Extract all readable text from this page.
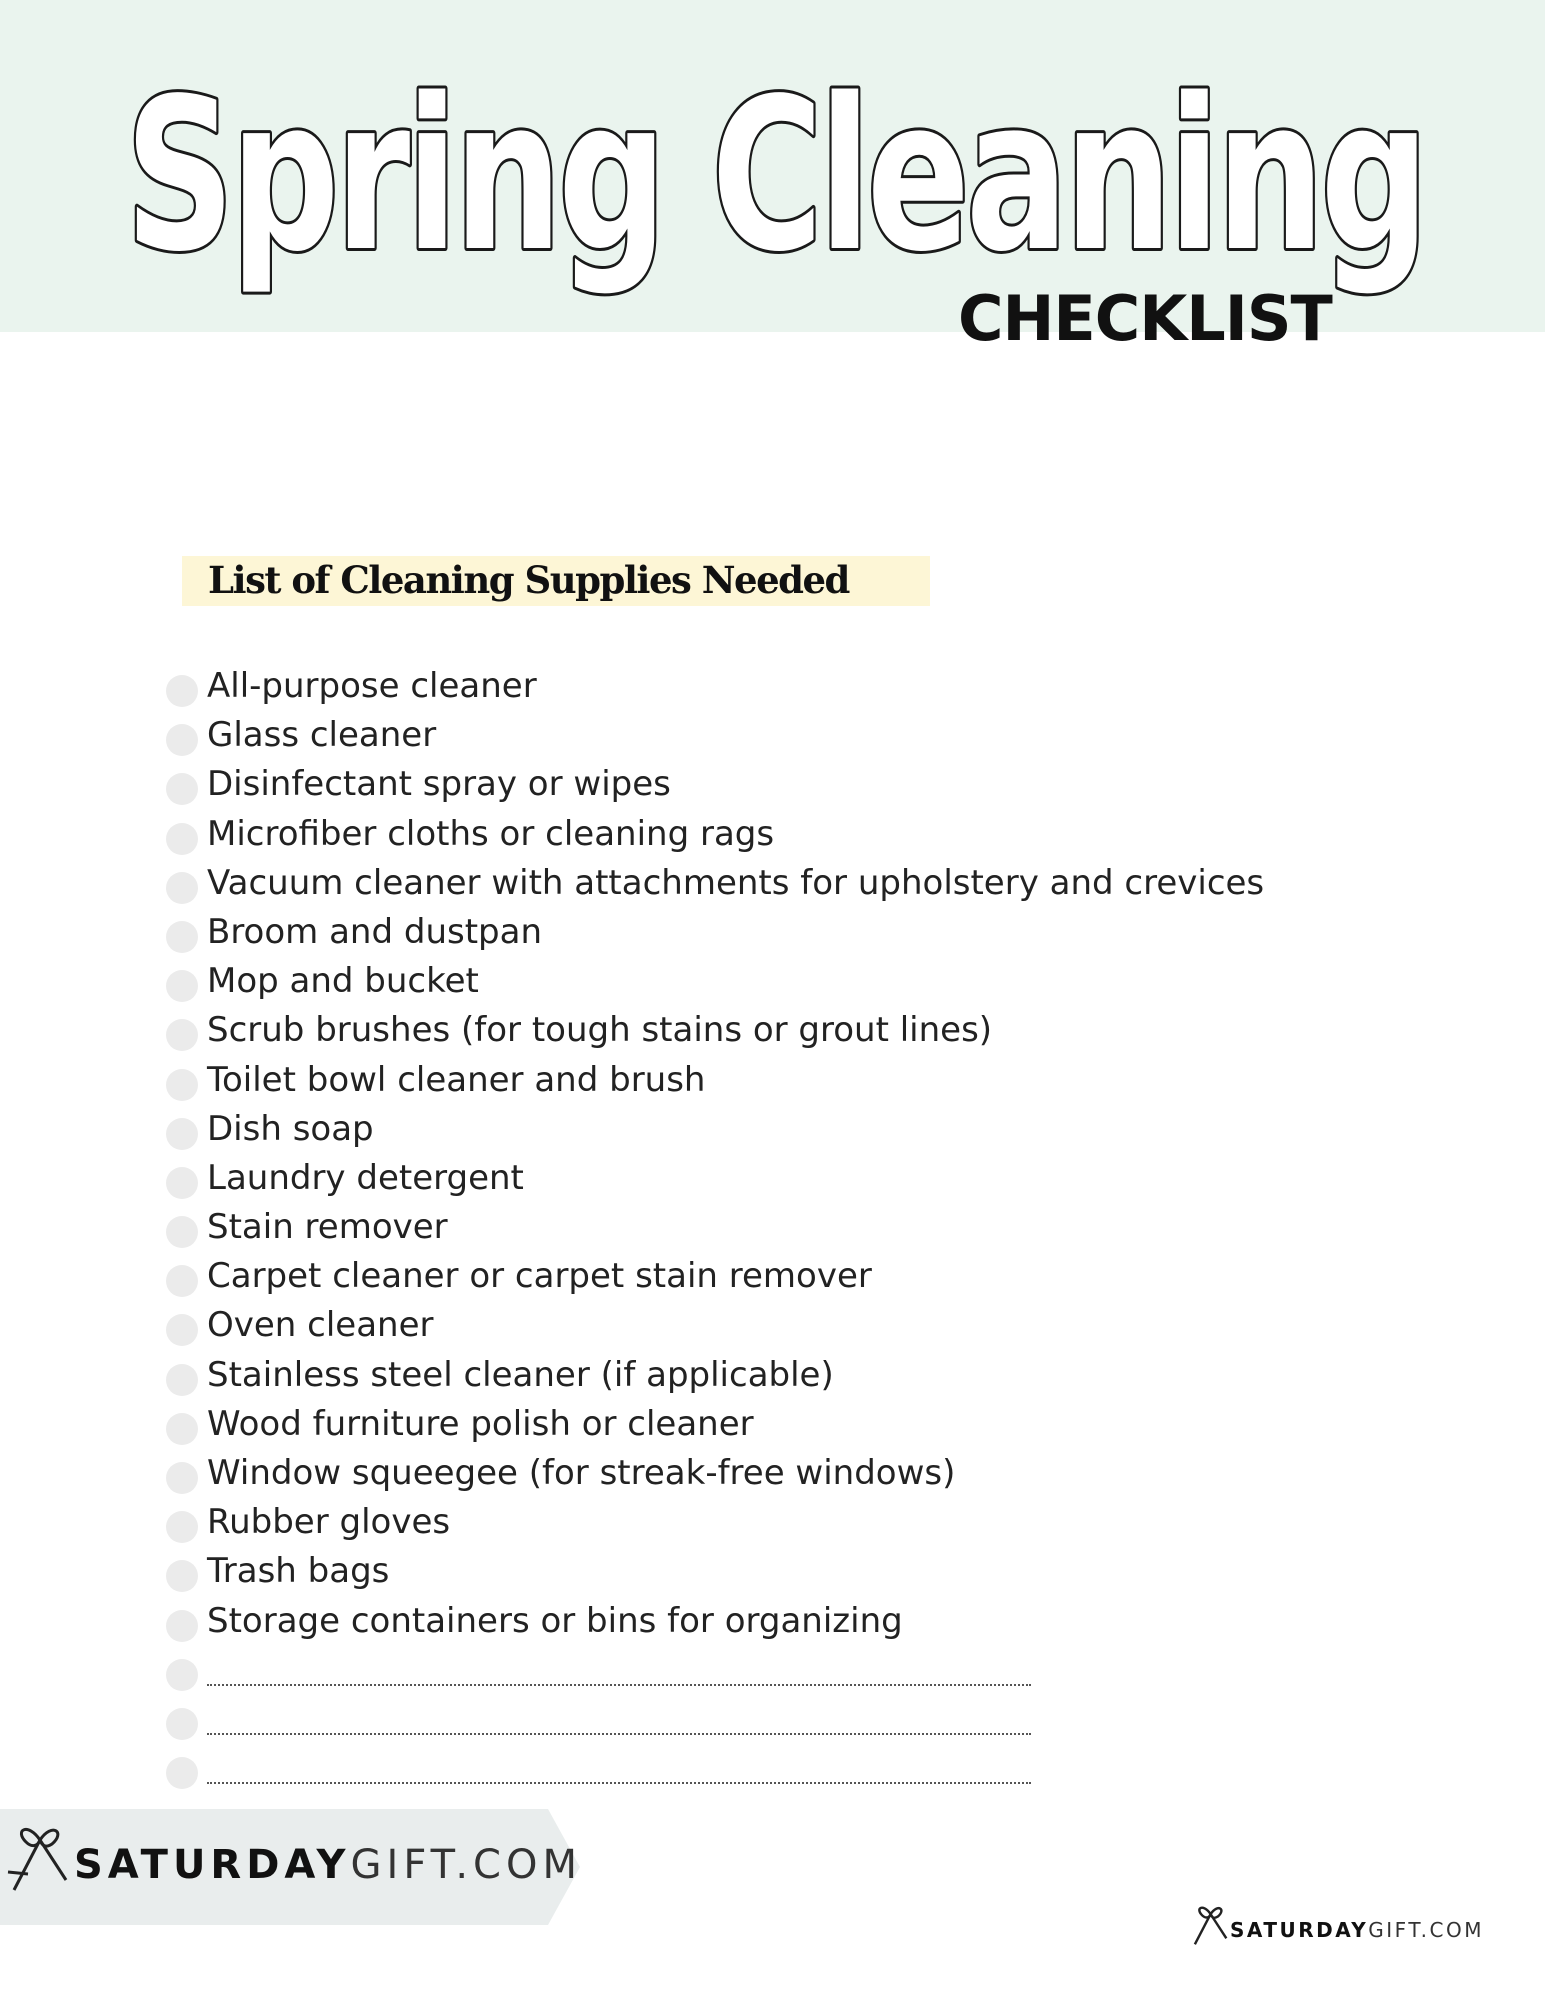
Spring Cleaning
CHECKLIST
List of Cleaning Supplies Needed
All-purpose cleaner
Glass cleaner
Disinfectant spray or wipes
Microfiber cloths or cleaning rags
Vacuum cleaner with attachments for upholstery and crevices
Broom and dustpan
Mop and bucket
Scrub brushes (for tough stains or grout lines)
Toilet bowl cleaner and brush
Dish soap
Laundry detergent
Stain remover
Carpet cleaner or carpet stain remover
Oven cleaner
Stainless steel cleaner (if applicable)
Wood furniture polish or cleaner
Window squeegee (for streak-free windows)
Rubber gloves
Trash bags
Storage containers or bins for organizing
SATURDAYGIFT.COM
SATURDAYGIFT.COM
